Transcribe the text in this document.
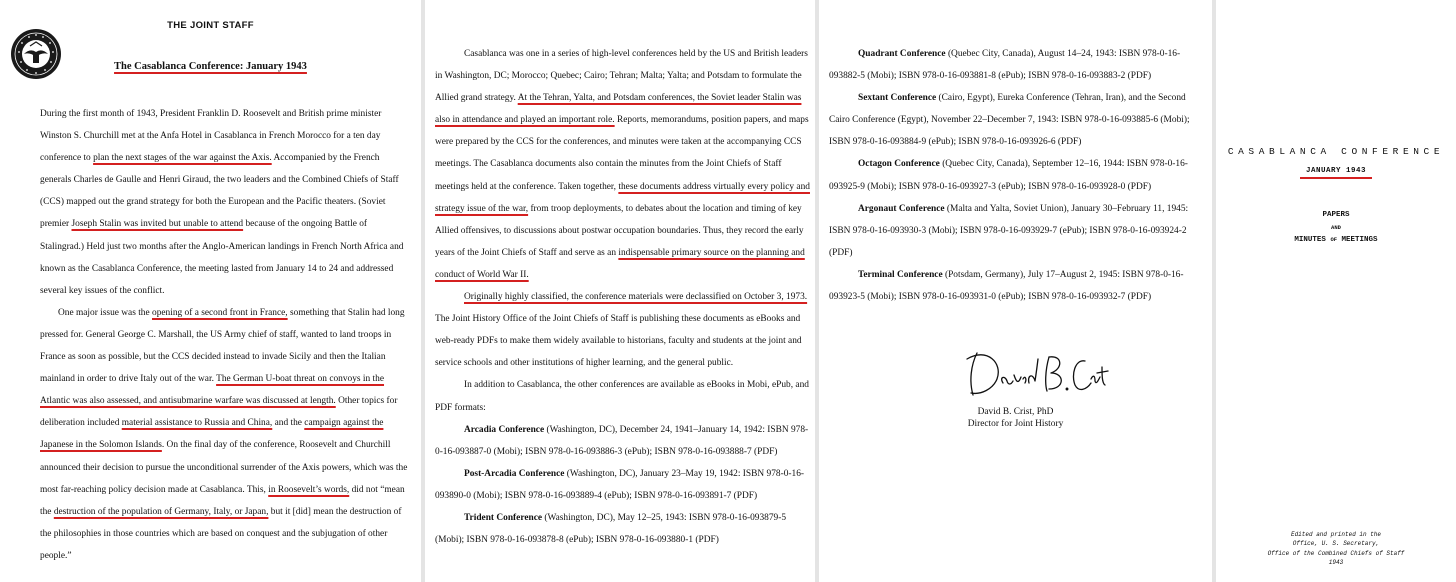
THE JOINT STAFF
The Casablanca Conference: January 1943

During the first month of 1943, President Franklin D. Roosevelt and British prime minister Winston S. Churchill met at the Anfa Hotel in Casablanca in French Morocco for a ten day conference to plan the next stages of the war against the Axis. Accompanied by the French generals Charles de Gaulle and Henri Giraud, the two leaders and the Combined Chiefs of Staff (CCS) mapped out the grand strategy for both the European and the Pacific theaters. (Soviet premier Joseph Stalin was invited but unable to attend because of the ongoing Battle of Stalingrad.) Held just two months after the Anglo-American landings in French North Africa and known as the Casablanca Conference, the meeting lasted from January 14 to 24 and addressed several key issues of the conflict.

One major issue was the opening of a second front in France, something that Stalin had long pressed for. General George C. Marshall, the US Army chief of staff, wanted to land troops in France as soon as possible, but the CCS decided instead to invade Sicily and then the Italian mainland in order to drive Italy out of the war. The German U-boat threat on convoys in the Atlantic was also assessed, and antisubmarine warfare was discussed at length. Other topics for deliberation included material assistance to Russia and China, and the campaign against the Japanese in the Solomon Islands. On the final day of the conference, Roosevelt and Churchill announced their decision to pursue the unconditional surrender of the Axis powers, which was the most far-reaching policy decision made at Casablanca. This, in Roosevelt’s words, did not “mean the destruction of the population of Germany, Italy, or Japan, but it [did] mean the destruction of the philosophies in those countries which are based on conquest and the subjugation of other people.”

Casablanca was one in a series of high-level conferences held by the US and British leaders in Washington, DC; Morocco; Quebec; Cairo; Tehran; Malta; Yalta; and Potsdam to formulate the Allied grand strategy. At the Tehran, Yalta, and Potsdam conferences, the Soviet leader Stalin was also in attendance and played an important role. Reports, memorandums, position papers, and maps were prepared by the CCS for the conferences, and minutes were taken at the accompanying CCS meetings. The Casablanca documents also contain the minutes from the Joint Chiefs of Staff meetings held at the conference. Taken together, these documents address virtually every policy and strategy issue of the war, from troop deployments, to debates about the location and timing of key Allied offensives, to discussions about postwar occupation boundaries. Thus, they record the early years of the Joint Chiefs of Staff and serve as an indispensable primary source on the planning and conduct of World War II.

Originally highly classified, the conference materials were declassified on October 3, 1973. The Joint History Office of the Joint Chiefs of Staff is publishing these documents as eBooks and web-ready PDFs to make them widely available to historians, faculty and students at the joint and service schools and other institutions of higher learning, and the general public.

In addition to Casablanca, the other conferences are available as eBooks in Mobi, ePub, and PDF formats:

Arcadia Conference (Washington, DC), December 24, 1941–January 14, 1942: ISBN 978-0-16-093887-0 (Mobi); ISBN 978-0-16-093886-3 (ePub); ISBN 978-0-16-093888-7 (PDF)

Post-Arcadia Conference (Washington, DC), January 23–May 19, 1942: ISBN 978-0-16-093890-0 (Mobi); ISBN 978-0-16-093889-4 (ePub); ISBN 978-0-16-093891-7 (PDF)

Trident Conference (Washington, DC), May 12–25, 1943: ISBN 978-0-16-093879-5 (Mobi); ISBN 978-0-16-093878-8 (ePub); ISBN 978-0-16-093880-1 (PDF)

Quadrant Conference (Quebec City, Canada), August 14–24, 1943: ISBN 978-0-16-093882-5 (Mobi); ISBN 978-0-16-093881-8 (ePub); ISBN 978-0-16-093883-2 (PDF)

Sextant Conference (Cairo, Egypt), Eureka Conference (Tehran, Iran), and the Second Cairo Conference (Egypt), November 22–December 7, 1943: ISBN 978-0-16-093885-6 (Mobi); ISBN 978-0-16-093884-9 (ePub); ISBN 978-0-16-093926-6 (PDF)

Octagon Conference (Quebec City, Canada), September 12–16, 1944: ISBN 978-0-16-093925-9 (Mobi); ISBN 978-0-16-093927-3 (ePub); ISBN 978-0-16-093928-0 (PDF)

Argonaut Conference (Malta and Yalta, Soviet Union), January 30–February 11, 1945: ISBN 978-0-16-093930-3 (Mobi); ISBN 978-0-16-093929-7 (ePub); ISBN 978-0-16-093924-2 (PDF)

Terminal Conference (Potsdam, Germany), July 17–August 2, 1945: ISBN 978-0-16-093923-5 (Mobi); ISBN 978-0-16-093931-0 (ePub); ISBN 978-0-16-093932-7 (PDF)

David B. Crist, PhD
Director for Joint History
CASABLANCA CONFERENCE
JANUARY 1943
PAPERS
AND
MINUTES OF MEETINGS
Edited and printed in the
Office, U. S. Secretary,
Office of the Combined Chiefs of Staff
1943
